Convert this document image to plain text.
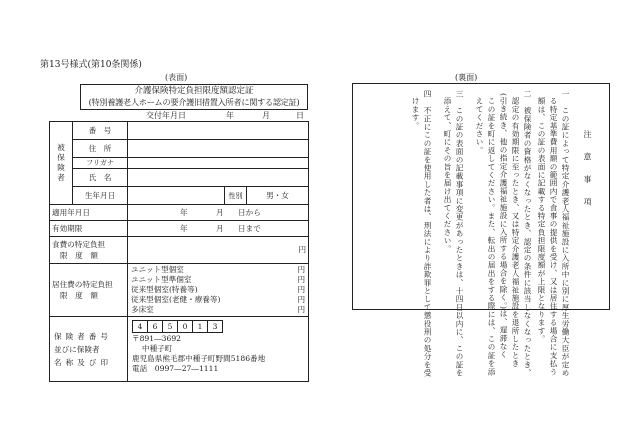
第13号様式(第10条関係)
(表面)
介護保険特定負担限度額認定証
(特別養護老人ホームの要介護旧措置入所者に関する認定証)
交付年月日	年	月	日
被
保
険
者
	番　号	
住　所	
フリガナ	
氏　名	
生年月日		性別	男・女
適用年月日	年	月 日から
有効期限	年	月 日まで

食費の特定負担
限　度　額
	円

居住費の特定負担
限　度　額

ユニット型個室	円
ユニット型準個室	円
従来型個室(特養等)	円
従来型個室(老健・療養等)	円
多床室	円

保険者番号
並びに保険者
名称及び印

4	6	5	0	1	3
〒891―3692
中種子町
鹿児島県熊毛郡中種子町野間5186番地
電話　0997―27―1111
(裏面)
注 意 事 項
一　この証によって特定介護老人福祉施設に入所中に別に厚生労働大臣が定め
る特定基準費用額の範囲内で食事の提供を受け、又は居住する場合に支払う
額は、この証の表面に記載する特定負担限度額が上限となります。
二　被保険者の資格がなくなったとき、認定の条件に該当しなくなったとき、
認定の有効期限に至ったとき、又は特定介護老人福祉施設を退所したとき
(引き続き、他の指定介護福祉施設に入所する場合を除く。)は、遅滞なく
この証を町に返してください。また、転出の届出をする際には、この証を添
えてください。
三　この証の表面の記載事項に変更があったときは、十四日以内に、この証を
添えて、町にその旨を届け出てください。
四　不正にこの証を使用した者は、刑法により詐欺罪として懲役刑の処分を受
けます。
